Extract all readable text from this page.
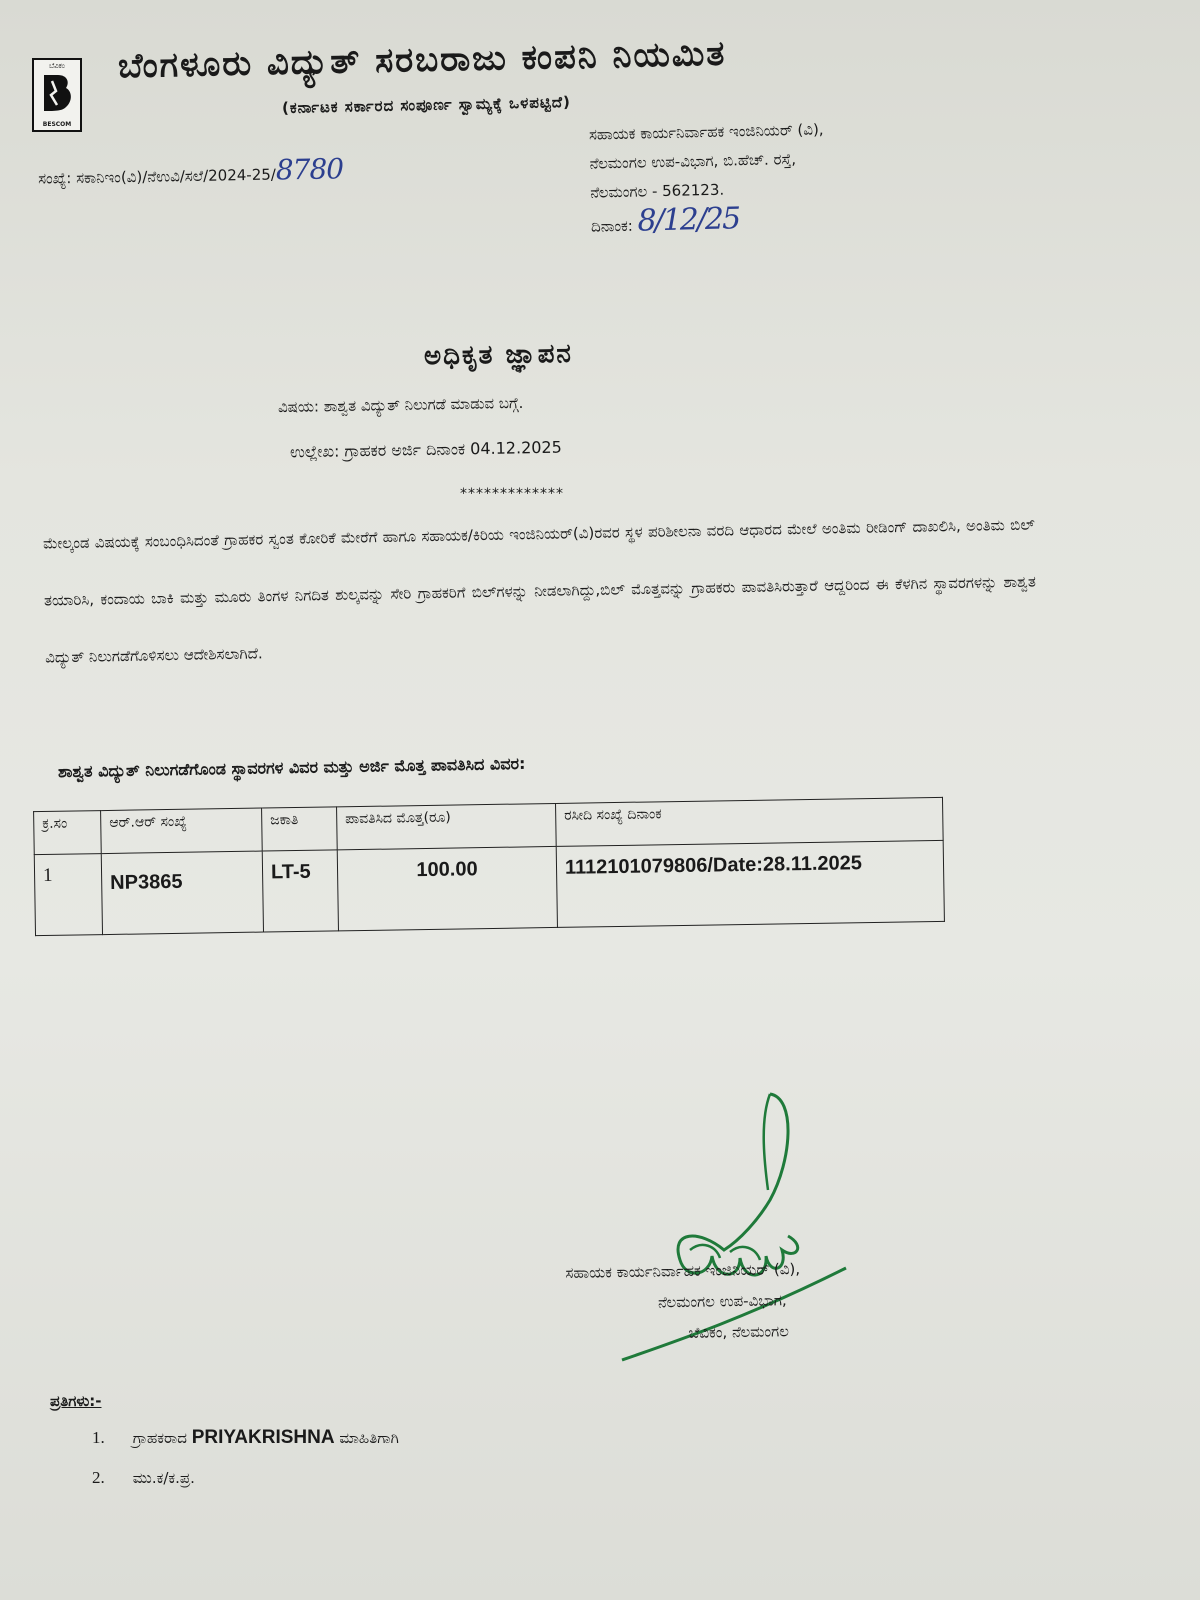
ಬೆವಿಕಂ
BESCOM
ಬೆಂಗಳೂರು ವಿದ್ಯುತ್ ಸರಬರಾಜು ಕಂಪನಿ ನಿಯಮಿತ
(ಕರ್ನಾಟಕ ಸರ್ಕಾರದ ಸಂಪೂರ್ಣ ಸ್ವಾಮ್ಯಕ್ಕೆ ಒಳಪಟ್ಟಿದೆ)
ಸಂಖ್ಯೆ: ಸಕಾನಿಇಂ(ವಿ)/ನೆಉವಿ/ಸಲೆ/2024-25/8780
ಸಹಾಯಕ ಕಾರ್ಯನಿರ್ವಾಹಕ ಇಂಜಿನಿಯರ್ (ವಿ),
ನೆಲಮಂಗಲ ಉಪ-ವಿಭಾಗ, ಬಿ.ಹೆಚ್. ರಸ್ತೆ,
ನೆಲಮಂಗಲ - 562123.
ದಿನಾಂಕ: 8/12/25
ಅಧಿಕೃತ ಜ್ಞಾಪನ
ವಿಷಯ: ಶಾಶ್ವತ ವಿದ್ಯುತ್ ನಿಲುಗಡೆ ಮಾಡುವ ಬಗ್ಗೆ.
ಉಲ್ಲೇಖ: ಗ್ರಾಹಕರ ಅರ್ಜಿ ದಿನಾಂಕ 04.12.2025
*************
ಮೇಲ್ಕಂಡ ವಿಷಯಕ್ಕೆ ಸಂಬಂಧಿಸಿದಂತೆ ಗ್ರಾಹಕರ ಸ್ವಂತ ಕೋರಿಕೆ ಮೇರೆಗೆ ಹಾಗೂ ಸಹಾಯಕ/ಕಿರಿಯ ಇಂಜಿನಿಯರ್(ವಿ)ರವರ ಸ್ಥಳ ಪರಿಶೀಲನಾ ವರದಿ ಆಧಾರದ ಮೇಲೆ ಅಂತಿಮ ರೀಡಿಂಗ್ ದಾಖಲಿಸಿ, ಅಂತಿಮ ಬಿಲ್ ತಯಾರಿಸಿ, ಕಂದಾಯ ಬಾಕಿ ಮತ್ತು ಮೂರು ತಿಂಗಳ ನಿಗದಿತ ಶುಲ್ಕವನ್ನು ಸೇರಿ ಗ್ರಾಹಕರಿಗೆ ಬಿಲ್‌ಗಳನ್ನು ನೀಡಲಾಗಿದ್ದು,ಬಿಲ್ ಮೊತ್ತವನ್ನು ಗ್ರಾಹಕರು ಪಾವತಿಸಿರುತ್ತಾರೆ ಆದ್ದರಿಂದ ಈ ಕೆಳಗಿನ ಸ್ಥಾವರಗಳನ್ನು ಶಾಶ್ವತ ವಿದ್ಯುತ್ ನಿಲುಗಡೆಗೊಳಿಸಲು ಆದೇಶಿಸಲಾಗಿದೆ.
ಶಾಶ್ವತ ವಿದ್ಯುತ್ ನಿಲುಗಡೆಗೊಂಡ ಸ್ಥಾವರಗಳ ವಿವರ ಮತ್ತು ಅರ್ಜಿ ಮೊತ್ತ ಪಾವತಿಸಿದ ವಿವರ:
ಕ್ರ.ಸಂ	ಆರ್.ಆರ್ ಸಂಖ್ಯೆ	ಜಕಾತಿ	ಪಾವತಿಸಿದ ಮೊತ್ತ(ರೂ)	ರಸೀದಿ ಸಂಖ್ಯೆ ದಿನಾಂಕ
1	NP3865	LT-5	100.00	1112101079806/Date:28.11.2025
ಸಹಾಯಕ ಕಾರ್ಯನಿರ್ವಾಹಕ ಇಂಜಿನಿಯರ್ (ವಿ),
ನೆಲಮಂಗಲ ಉಪ-ವಿಭಾಗ,
ಬೆವಿಕಂ, ನೆಲಮಂಗಲ
ಪ್ರತಿಗಳು:-
1. ಗ್ರಾಹಕರಾದ PRIYAKRISHNA ಮಾಹಿತಿಗಾಗಿ
2. ಮು.ಕ/ಕ.ಪ್ರ.
